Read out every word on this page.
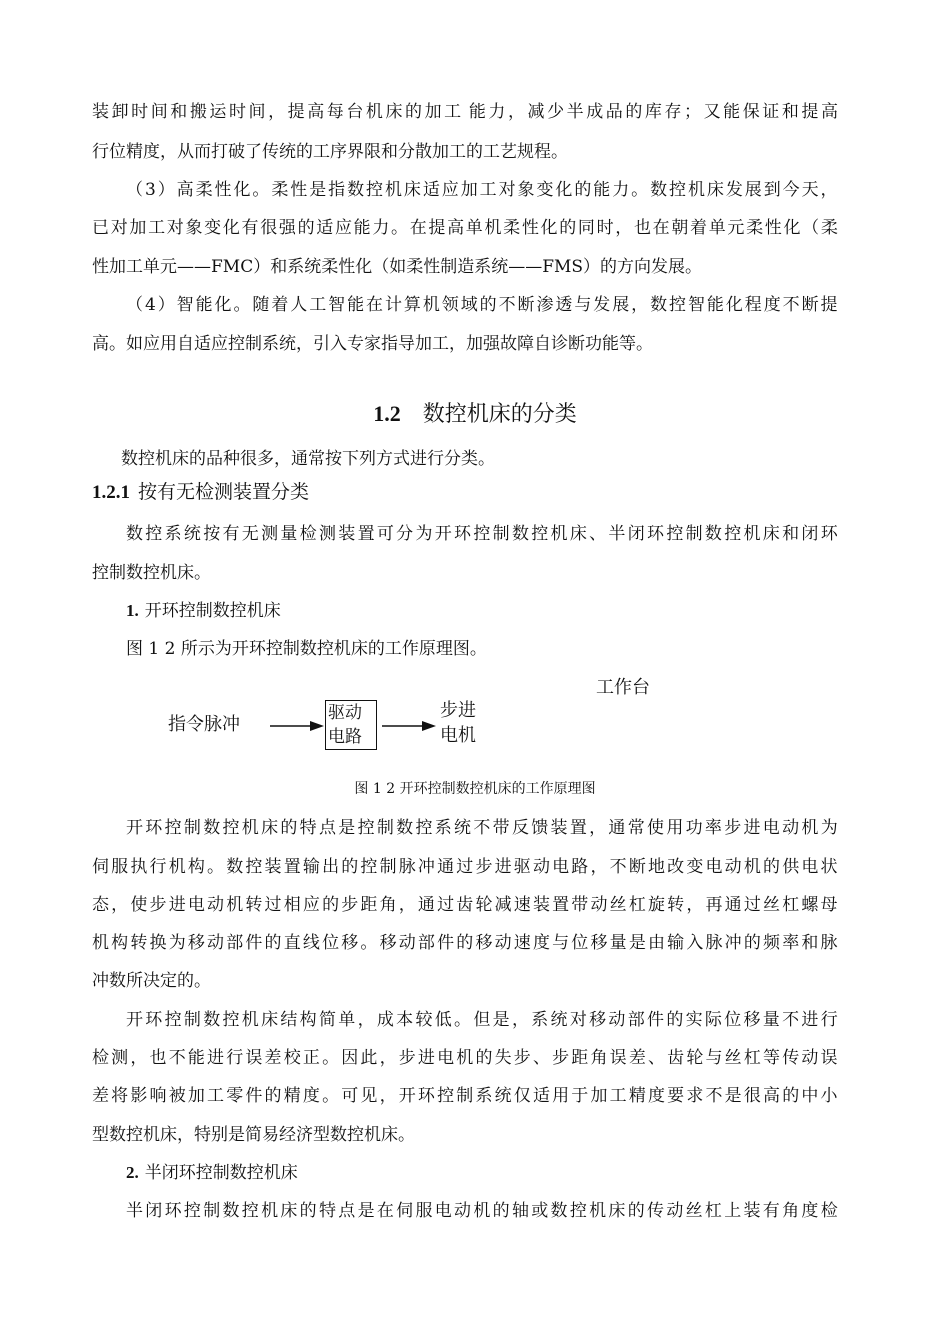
装 卸 时 间 和 搬 运 时 间 ， 提 高 每 台 机 床 的 加 工 能 力 ， 减 少 半 成 品 的 库 存 ； 又 能 保 证 和 提 高
行位精度，从而打破了传统的工序界限和分散加工的工艺规程。
（ 3 ） 高 柔 性 化 。 柔 性 是 指 数 控 机 床 适 应 加 工 对 象 变 化 的 能 力 。 数 控 机 床 发 展 到 今 天 ，
已 对 加 工 对 象 变 化 有 很 强 的 适 应 能 力 。 在 提 高 单 机 柔 性 化 的 同 时 ， 也 在 朝 着 单 元 柔 性 化 （ 柔
性加工单元——FMC）和系统柔性化（如柔性制造系统——FMS）的方向发展。
（ 4 ） 智 能 化 。 随 着 人 工 智 能 在 计 算 机 领 域 的 不 断 渗 透 与 发 展 ， 数 控 智 能 化 程 度 不 断 提
高。如应用自适应控制系统，引入专家指导加工，加强故障自诊断功能等。
1.2 数控机床的分类
数控机床的品种很多，通常按下列方式进行分类。
1.2.1 按有无检测装置分类
数 控 系 统 按 有 无 测 量 检 测 装 置 可 分 为 开 环 控 制 数 控 机 床 、 半 闭 环 控 制 数 控 机 床 和 闭 环
控制数控机床。
1. 开环控制数控机床
图 1 2 所示为开环控制数控机床的工作原理图。
工作台
指令脉冲
驱动
电路
步进
电机
图 1 2 开环控制数控机床的工作原理图
开 环 控 制 数 控 机 床 的 特 点 是 控 制 数 控 系 统 不 带 反 馈 装 置 ， 通 常 使 用 功 率 步 进 电 动 机 为
伺 服 执 行 机 构 。 数 控 装 置 输 出 的 控 制 脉 冲 通 过 步 进 驱 动 电 路 ， 不 断 地 改 变 电 动 机 的 供 电 状
态 ， 使 步 进 电 动 机 转 过 相 应 的 步 距 角 ， 通 过 齿 轮 减 速 装 置 带 动 丝 杠 旋 转 ， 再 通 过 丝 杠 螺 母
机 构 转 换 为 移 动 部 件 的 直 线 位 移 。 移 动 部 件 的 移 动 速 度 与 位 移 量 是 由 输 入 脉 冲 的 频 率 和 脉
冲数所决定的。
开 环 控 制 数 控 机 床 结 构 简 单 ， 成 本 较 低 。 但 是 ， 系 统 对 移 动 部 件 的 实 际 位 移 量 不 进 行
检 测 ， 也 不 能 进 行 误 差 校 正 。 因 此 ， 步 进 电 机 的 失 步 、 步 距 角 误 差 、 齿 轮 与 丝 杠 等 传 动 误
差 将 影 响 被 加 工 零 件 的 精 度 。 可 见 ， 开 环 控 制 系 统 仅 适 用 于 加 工 精 度 要 求 不 是 很 高 的 中 小
型数控机床，特别是简易经济型数控机床。
2. 半闭环控制数控机床
半 闭 环 控 制 数 控 机 床 的 特 点 是 在 伺 服 电 动 机 的 轴 或 数 控 机 床 的 传 动 丝 杠 上 装 有 角 度 检
